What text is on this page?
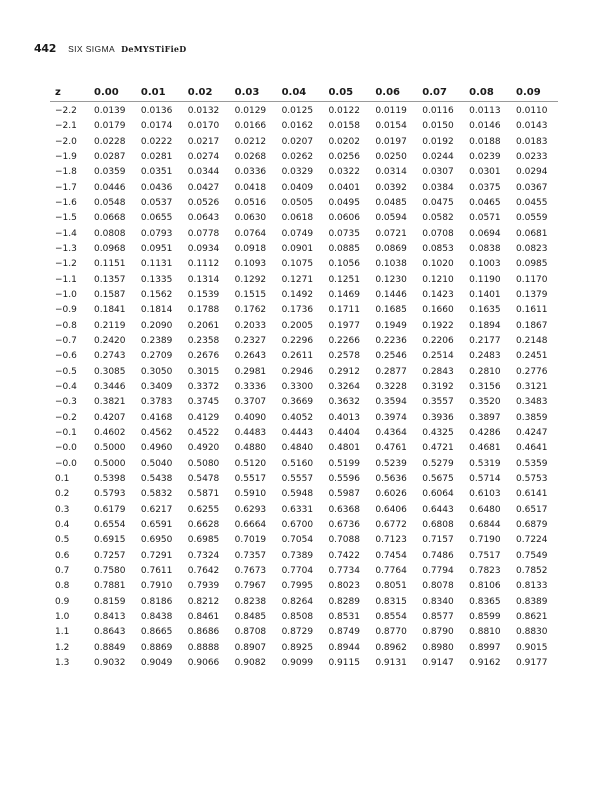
442 SIX SIGMA DeMYSTiFieD
z	0.00	0.01	0.02	0.03	0.04	0.05	0.06	0.07	0.08	0.09
−2.2	0.0139	0.0136	0.0132	0.0129	0.0125	0.0122	0.0119	0.0116	0.0113	0.0110
−2.1	0.0179	0.0174	0.0170	0.0166	0.0162	0.0158	0.0154	0.0150	0.0146	0.0143
−2.0	0.0228	0.0222	0.0217	0.0212	0.0207	0.0202	0.0197	0.0192	0.0188	0.0183
−1.9	0.0287	0.0281	0.0274	0.0268	0.0262	0.0256	0.0250	0.0244	0.0239	0.0233
−1.8	0.0359	0.0351	0.0344	0.0336	0.0329	0.0322	0.0314	0.0307	0.0301	0.0294
−1.7	0.0446	0.0436	0.0427	0.0418	0.0409	0.0401	0.0392	0.0384	0.0375	0.0367
−1.6	0.0548	0.0537	0.0526	0.0516	0.0505	0.0495	0.0485	0.0475	0.0465	0.0455
−1.5	0.0668	0.0655	0.0643	0.0630	0.0618	0.0606	0.0594	0.0582	0.0571	0.0559
−1.4	0.0808	0.0793	0.0778	0.0764	0.0749	0.0735	0.0721	0.0708	0.0694	0.0681
−1.3	0.0968	0.0951	0.0934	0.0918	0.0901	0.0885	0.0869	0.0853	0.0838	0.0823
−1.2	0.1151	0.1131	0.1112	0.1093	0.1075	0.1056	0.1038	0.1020	0.1003	0.0985
−1.1	0.1357	0.1335	0.1314	0.1292	0.1271	0.1251	0.1230	0.1210	0.1190	0.1170
−1.0	0.1587	0.1562	0.1539	0.1515	0.1492	0.1469	0.1446	0.1423	0.1401	0.1379
−0.9	0.1841	0.1814	0.1788	0.1762	0.1736	0.1711	0.1685	0.1660	0.1635	0.1611
−0.8	0.2119	0.2090	0.2061	0.2033	0.2005	0.1977	0.1949	0.1922	0.1894	0.1867
−0.7	0.2420	0.2389	0.2358	0.2327	0.2296	0.2266	0.2236	0.2206	0.2177	0.2148
−0.6	0.2743	0.2709	0.2676	0.2643	0.2611	0.2578	0.2546	0.2514	0.2483	0.2451
−0.5	0.3085	0.3050	0.3015	0.2981	0.2946	0.2912	0.2877	0.2843	0.2810	0.2776
−0.4	0.3446	0.3409	0.3372	0.3336	0.3300	0.3264	0.3228	0.3192	0.3156	0.3121
−0.3	0.3821	0.3783	0.3745	0.3707	0.3669	0.3632	0.3594	0.3557	0.3520	0.3483
−0.2	0.4207	0.4168	0.4129	0.4090	0.4052	0.4013	0.3974	0.3936	0.3897	0.3859
−0.1	0.4602	0.4562	0.4522	0.4483	0.4443	0.4404	0.4364	0.4325	0.4286	0.4247
−0.0	0.5000	0.4960	0.4920	0.4880	0.4840	0.4801	0.4761	0.4721	0.4681	0.4641
−0.0	0.5000	0.5040	0.5080	0.5120	0.5160	0.5199	0.5239	0.5279	0.5319	0.5359
0.1	0.5398	0.5438	0.5478	0.5517	0.5557	0.5596	0.5636	0.5675	0.5714	0.5753
0.2	0.5793	0.5832	0.5871	0.5910	0.5948	0.5987	0.6026	0.6064	0.6103	0.6141
0.3	0.6179	0.6217	0.6255	0.6293	0.6331	0.6368	0.6406	0.6443	0.6480	0.6517
0.4	0.6554	0.6591	0.6628	0.6664	0.6700	0.6736	0.6772	0.6808	0.6844	0.6879
0.5	0.6915	0.6950	0.6985	0.7019	0.7054	0.7088	0.7123	0.7157	0.7190	0.7224
0.6	0.7257	0.7291	0.7324	0.7357	0.7389	0.7422	0.7454	0.7486	0.7517	0.7549
0.7	0.7580	0.7611	0.7642	0.7673	0.7704	0.7734	0.7764	0.7794	0.7823	0.7852
0.8	0.7881	0.7910	0.7939	0.7967	0.7995	0.8023	0.8051	0.8078	0.8106	0.8133
0.9	0.8159	0.8186	0.8212	0.8238	0.8264	0.8289	0.8315	0.8340	0.8365	0.8389
1.0	0.8413	0.8438	0.8461	0.8485	0.8508	0.8531	0.8554	0.8577	0.8599	0.8621
1.1	0.8643	0.8665	0.8686	0.8708	0.8729	0.8749	0.8770	0.8790	0.8810	0.8830
1.2	0.8849	0.8869	0.8888	0.8907	0.8925	0.8944	0.8962	0.8980	0.8997	0.9015
1.3	0.9032	0.9049	0.9066	0.9082	0.9099	0.9115	0.9131	0.9147	0.9162	0.9177
